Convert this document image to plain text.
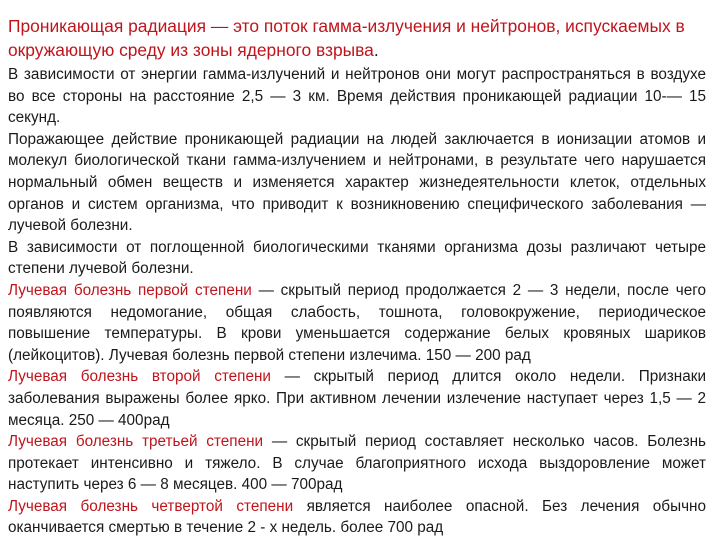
Проникающая радиация — это поток гамма-излучения и нейтронов, испускаемых в окружающую среду из зоны ядерного взрыва.

В зависимости от энергии гамма-излучений и нейтронов они могут распространяться в воздухе во все стороны на расстояние 2,5 — 3 км. Время действия проникающей радиации 10-— 15 секунд.

Поражающее действие проникающей радиации на людей заключается в ионизации атомов и молекул биологической ткани гамма-излучением и нейтронами, в результате чего нарушается нормальный обмен веществ и изменяется характер жизнедеятельности клеток, отдельных органов и систем организма, что приводит к возникновению специфического заболевания — лучевой болезни.

В зависимости от поглощенной биологическими тканями организма дозы различают четыре степени лучевой болезни.

Лучевая болезнь первой степени — скрытый период продолжается 2 — 3 недели, после чего появляются недомогание, общая слабость, тошнота, головокружение, периодическое повышение температуры. В крови уменьшается содержание белых кровяных шариков (лейкоцитов). Лучевая болезнь первой степени излечима. 150 — 200 рад

Лучевая болезнь второй степени — скрытый период длится около недели. Признаки заболевания выражены более ярко. При активном лечении излечение наступает через 1,5 — 2 месяца. 250 — 400рад

Лучевая болезнь третьей степени — скрытый период составляет несколько часов. Болезнь протекает интенсивно и тяжело. В случае благоприятного исхода выздоровление может наступить через 6 — 8 месяцев. 400 — 700рад

Лучевая болезнь четвертой степени является наиболее опасной. Без лечения обычно оканчивается смертью в течение 2 - х недель. более 700 рад
